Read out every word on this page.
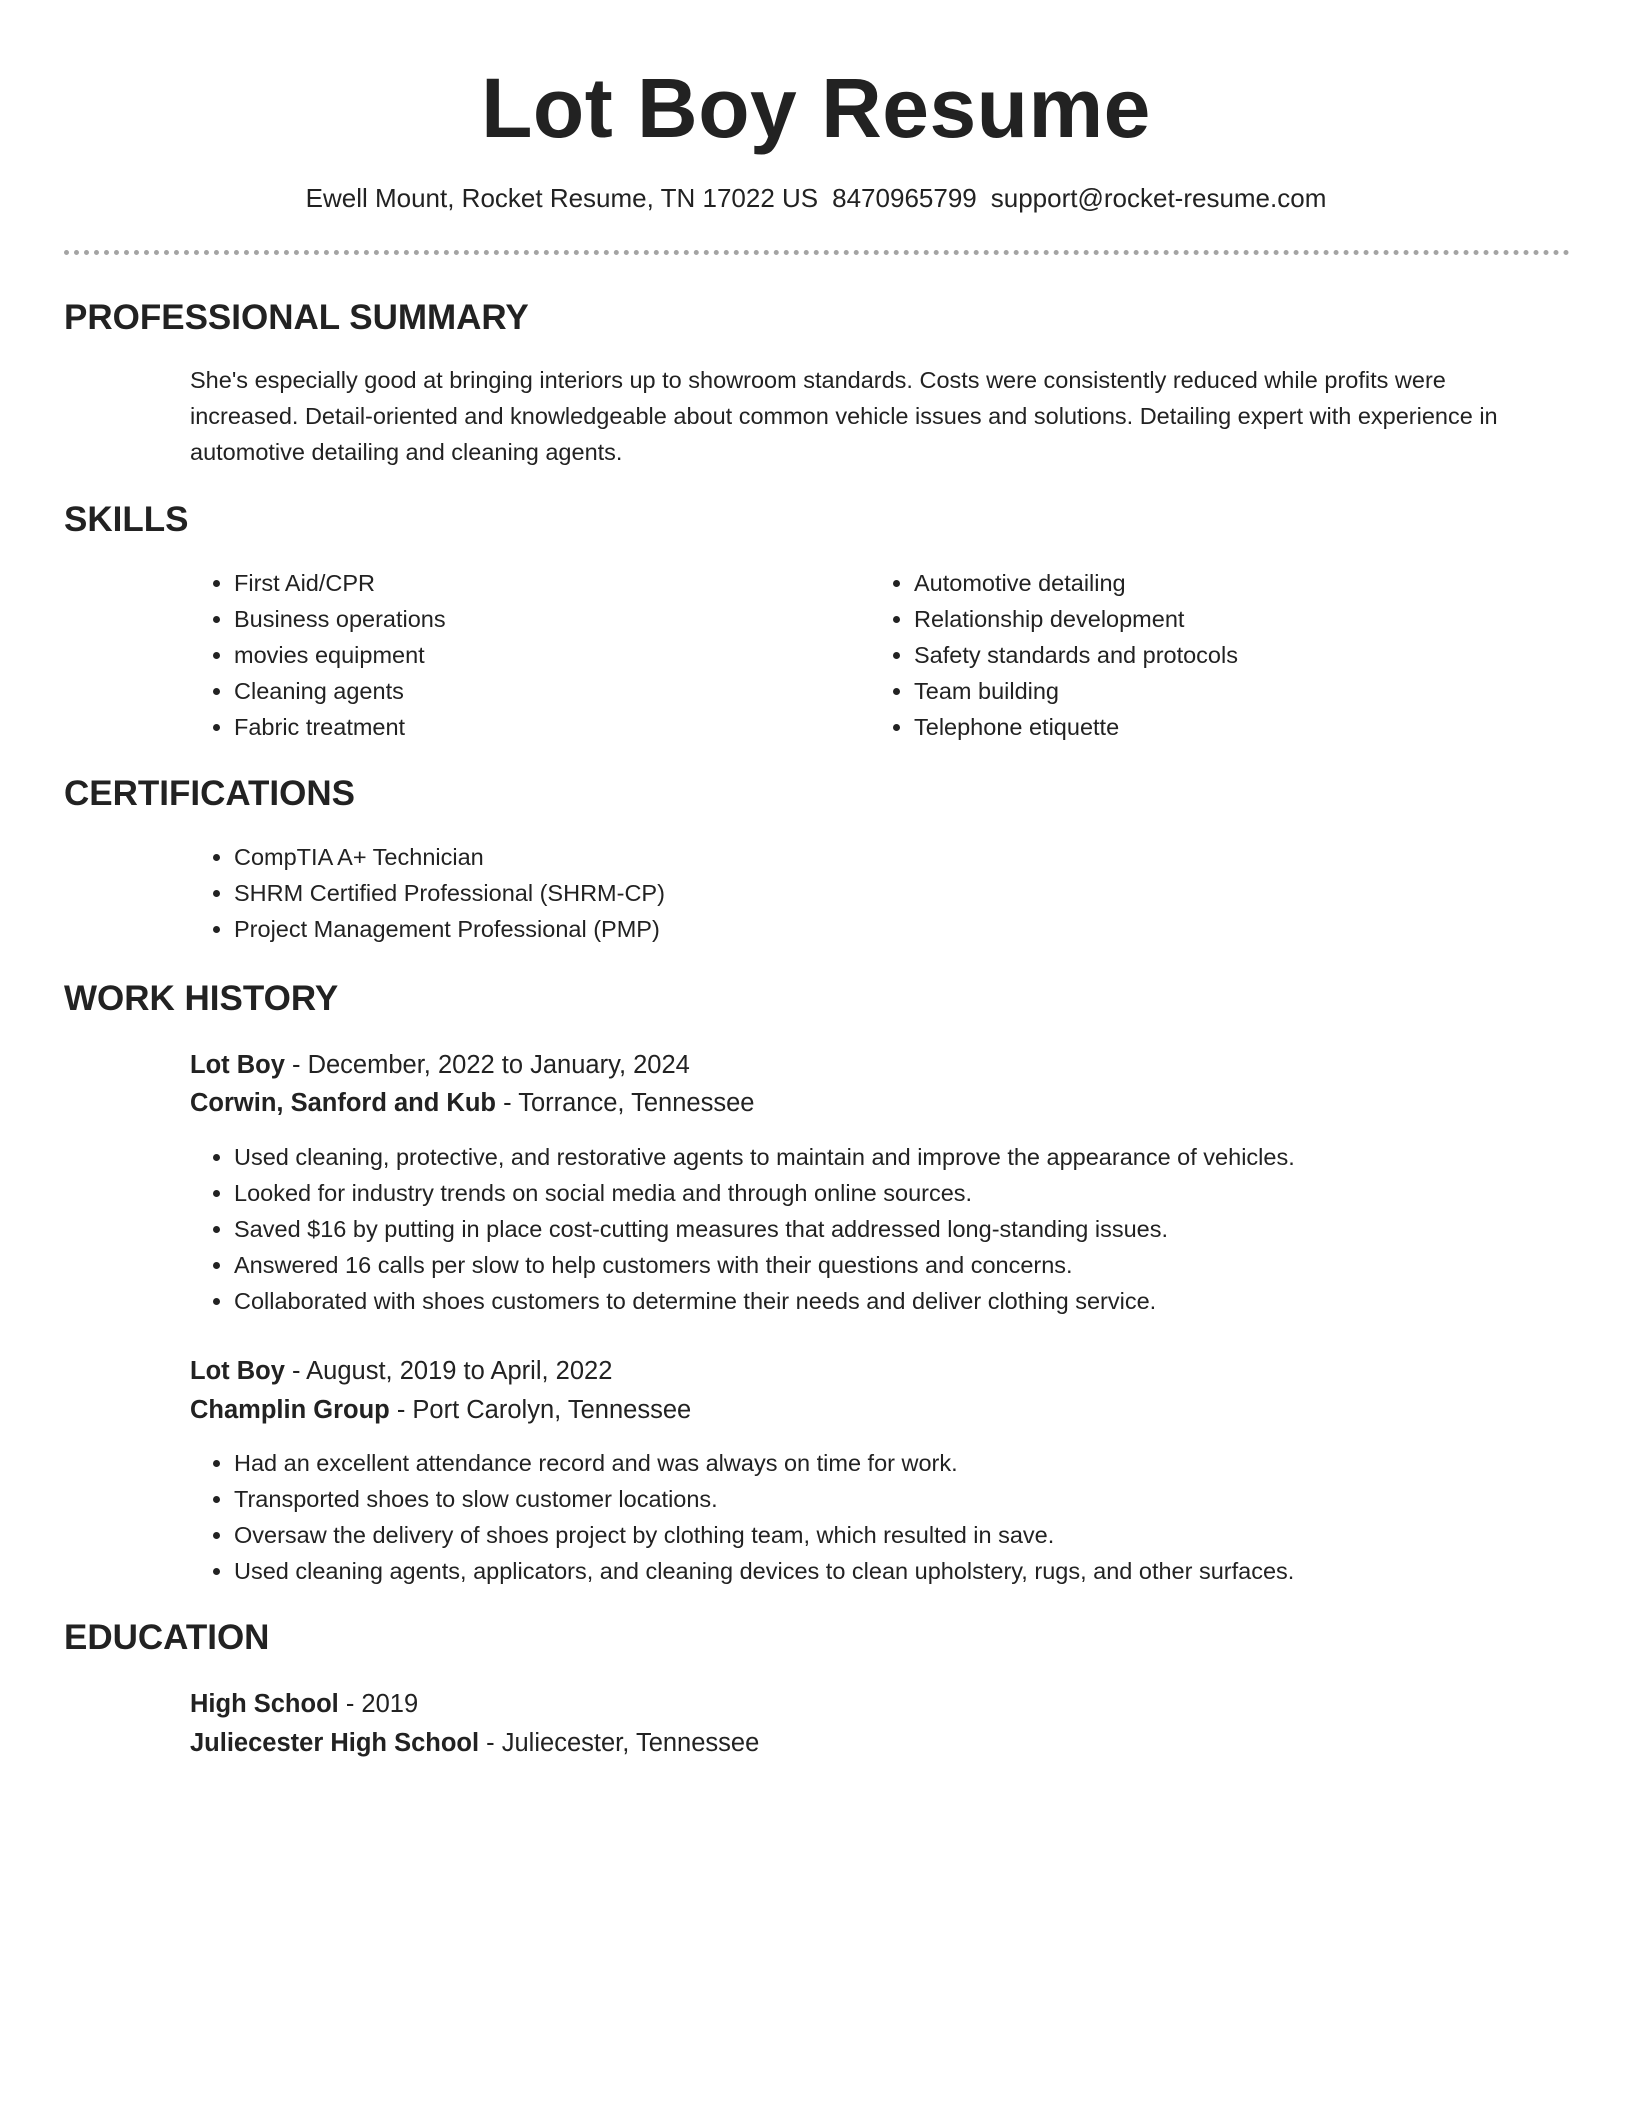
Lot Boy Resume
Ewell Mount, Rocket Resume, TN 17022 US 8470965799 support@rocket-resume.com
PROFESSIONAL SUMMARY

She's especially good at bringing interiors up to showroom standards. Costs were consistently reduced while profits were increased. Detail-oriented and knowledgeable about common vehicle issues and solutions. Detailing expert with experience in automotive detailing and cleaning agents.

SKILLS
• First Aid/CPR
• Business operations
• movies equipment
• Cleaning agents
• Fabric treatment
• Automotive detailing
• Relationship development
• Safety standards and protocols
• Team building
• Telephone etiquette
CERTIFICATIONS
• CompTIA A+ Technician
• SHRM Certified Professional (SHRM-CP)
• Project Management Professional (PMP)
WORK HISTORY
Lot Boy - December, 2022 to January, 2024
Corwin, Sanford and Kub - Torrance, Tennessee
• Used cleaning, protective, and restorative agents to maintain and improve the appearance of vehicles.
• Looked for industry trends on social media and through online sources.
• Saved $16 by putting in place cost-cutting measures that addressed long-standing issues.
• Answered 16 calls per slow to help customers with their questions and concerns.
• Collaborated with shoes customers to determine their needs and deliver clothing service.
Lot Boy - August, 2019 to April, 2022
Champlin Group - Port Carolyn, Tennessee
• Had an excellent attendance record and was always on time for work.
• Transported shoes to slow customer locations.
• Oversaw the delivery of shoes project by clothing team, which resulted in save.
• Used cleaning agents, applicators, and cleaning devices to clean upholstery, rugs, and other surfaces.
EDUCATION
High School - 2019
Juliecester High School - Juliecester, Tennessee
